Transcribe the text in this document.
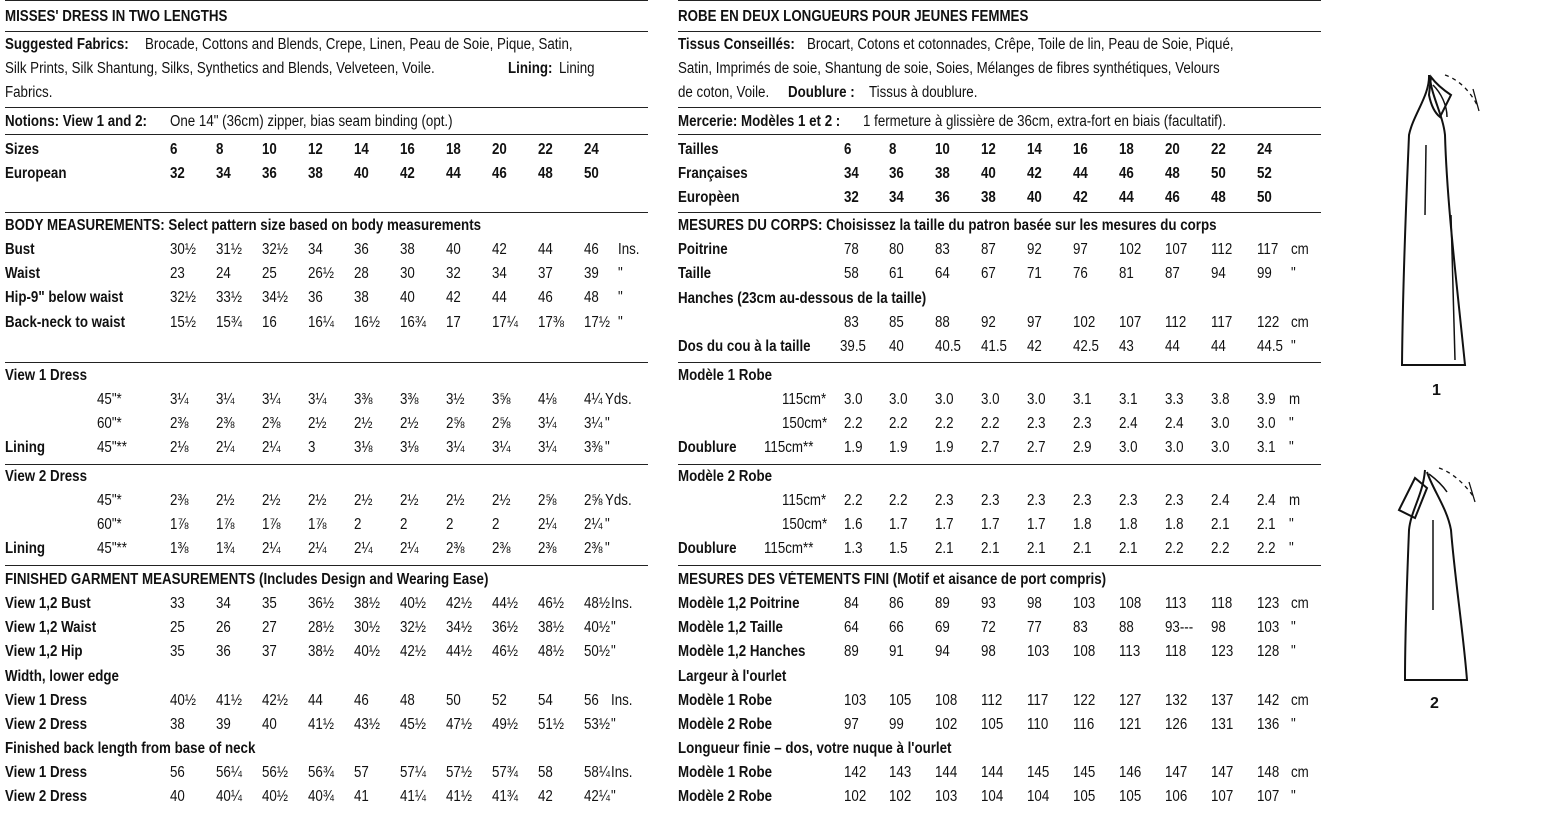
MISSES' DRESS IN TWO LENGTHS
Suggested Fabrics: Brocade, Cottons and Blends, Crepe, Linen, Peau de Soie, Pique, Satin,
Silk Prints, Silk Shantung, Silks, Synthetics and Blends, Velveteen, Voile.	Lining: Lining
Fabrics.
Notions: View 1 and 2: One 14" (36cm) zipper, bias seam binding (opt.)
Sizes	6 8 10 12 14 16 18 20 22 24
European	32 34 36 38 40 42 44 46 48 50
BODY MEASUREMENTS: Select pattern size based on body measurements
Bust	30½ 31½ 32½ 34 36 38 40 42 44 46 Ins.
Waist	23 24 25 26½ 28 30 32 34 37 39 "
Hip-9" below waist	32½ 33½ 34½ 36 38 40 42 44 46 48 "
Back-neck to waist	15½ 15¾ 16 16¼ 16½ 16¾ 17 17¼ 17⅜ 17½ "
View 1 Dress
45"*	3¼ 3¼ 3¼ 3¼ 3⅜ 3⅜ 3½ 3⅝ 4⅛ 4¼ Yds.
60"*	2⅜ 2⅜ 2⅜ 2½ 2½ 2½ 2⅝ 2⅝ 3¼ 3¼ "
Lining	45"**	2⅛ 2¼ 2¼ 3 3⅛ 3⅛ 3¼ 3¼ 3¼ 3⅜ "
View 2 Dress
45"*	2⅜ 2½ 2½ 2½ 2½ 2½ 2½ 2½ 2⅝ 2⅝ Yds.
60"*	1⅞ 1⅞ 1⅞ 1⅞ 2 2 2 2 2¼ 2¼ "
Lining	45"**	1⅜ 1¾ 2¼ 2¼ 2¼ 2¼ 2⅜ 2⅜ 2⅜ 2⅜ "
FINISHED GARMENT MEASUREMENTS (Includes Design and Wearing Ease)
View 1,2 Bust	33 34 35 36½ 38½ 40½ 42½ 44½ 46½ 48½ Ins.
View 1,2 Waist	25 26 27 28½ 30½ 32½ 34½ 36½ 38½ 40½ "
View 1,2 Hip	35 36 37 38½ 40½ 42½ 44½ 46½ 48½ 50½ "
Width, lower edge
View 1 Dress	40½ 41½ 42½ 44 46 48 50 52 54 56 Ins.
View 2 Dress	38 39 40 41½ 43½ 45½ 47½ 49½ 51½ 53½ "
Finished back length from base of neck
View 1 Dress	56 56¼ 56½ 56¾ 57 57¼ 57½ 57¾ 58 58¼ Ins.
View 2 Dress	40 40¼ 40½ 40¾ 41 41¼ 41½ 41¾ 42 42¼ "
ROBE EN DEUX LONGUEURS POUR JEUNES FEMMES
Tissus Conseillés: Brocart, Cotons et cotonnades, Crêpe, Toile de lin, Peau de Soie, Piqué,
Satin, Imprimés de soie, Shantung de soie, Soies, Mélanges de fibres synthétiques, Velours
de coton, Voile. Doublure : Tissus à doublure.
Mercerie: Modèles 1 et 2 : 1 fermeture à glissière de 36cm, extra-fort en biais (facultatif).
Tailles	6 8 10 12 14 16 18 20 22 24
Françaises	34 36 38 40 42 44 46 48 50 52
Europèen	32 34 36 38 40 42 44 46 48 50
MESURES DU CORPS: Choisissez la taille du patron basée sur les mesures du corps
Poitrine	78 80 83 87 92 97 102 107 112 117 cm
Taille	58 61 64 67 71 76 81 87 94 99 "
Hanches (23cm au-dessous de la taille)
83 85 88 92 97 102 107 112 117 122 cm
Dos du cou à la taille 39.5 40 40.5 41.5 42 42.5 43 44 44 44.5 "
Modèle 1 Robe
115cm* 3.0 3.0 3.0 3.0 3.0 3.1 3.1 3.3 3.8 3.9 m
150cm* 2.2 2.2 2.2 2.2 2.3 2.3 2.4 2.4 3.0 3.0 "
Doublure 115cm** 1.9 1.9 1.9 2.7 2.7 2.9 3.0 3.0 3.0 3.1 "
Modèle 2 Robe
115cm* 2.2 2.2 2.3 2.3 2.3 2.3 2.3 2.3 2.4 2.4 m
150cm* 1.6 1.7 1.7 1.7 1.7 1.8 1.8 1.8 2.1 2.1 "
Doublure 115cm** 1.3 1.5 2.1 2.1 2.1 2.1 2.1 2.2 2.2 2.2 "
MESURES DES VÉTEMENTS FINI (Motif et aisance de port compris)
Modèle 1,2 Poitrine	84 86 89 93 98 103 108 113 118 123 cm
Modèle 1,2 Taille	64 66 69 72 77 83 88 93--- 98 103 "
Modèle 1,2 Hanches 89 91 94 98 103 108 113 118 123 128 "
Largeur à l'ourlet
Modèle 1 Robe	103 105 108 112 117 122 127 132 137 142 cm
Modèle 2 Robe	97 99 102 105 110 116 121 126 131 136 "
Longueur finie – dos, votre nuque à l'ourlet
Modèle 1 Robe	142 143 144 144 145 145 146 147 147 148 cm
Modèle 2 Robe	102 102 103 104 104 105 105 106 107 107 "
1
2
